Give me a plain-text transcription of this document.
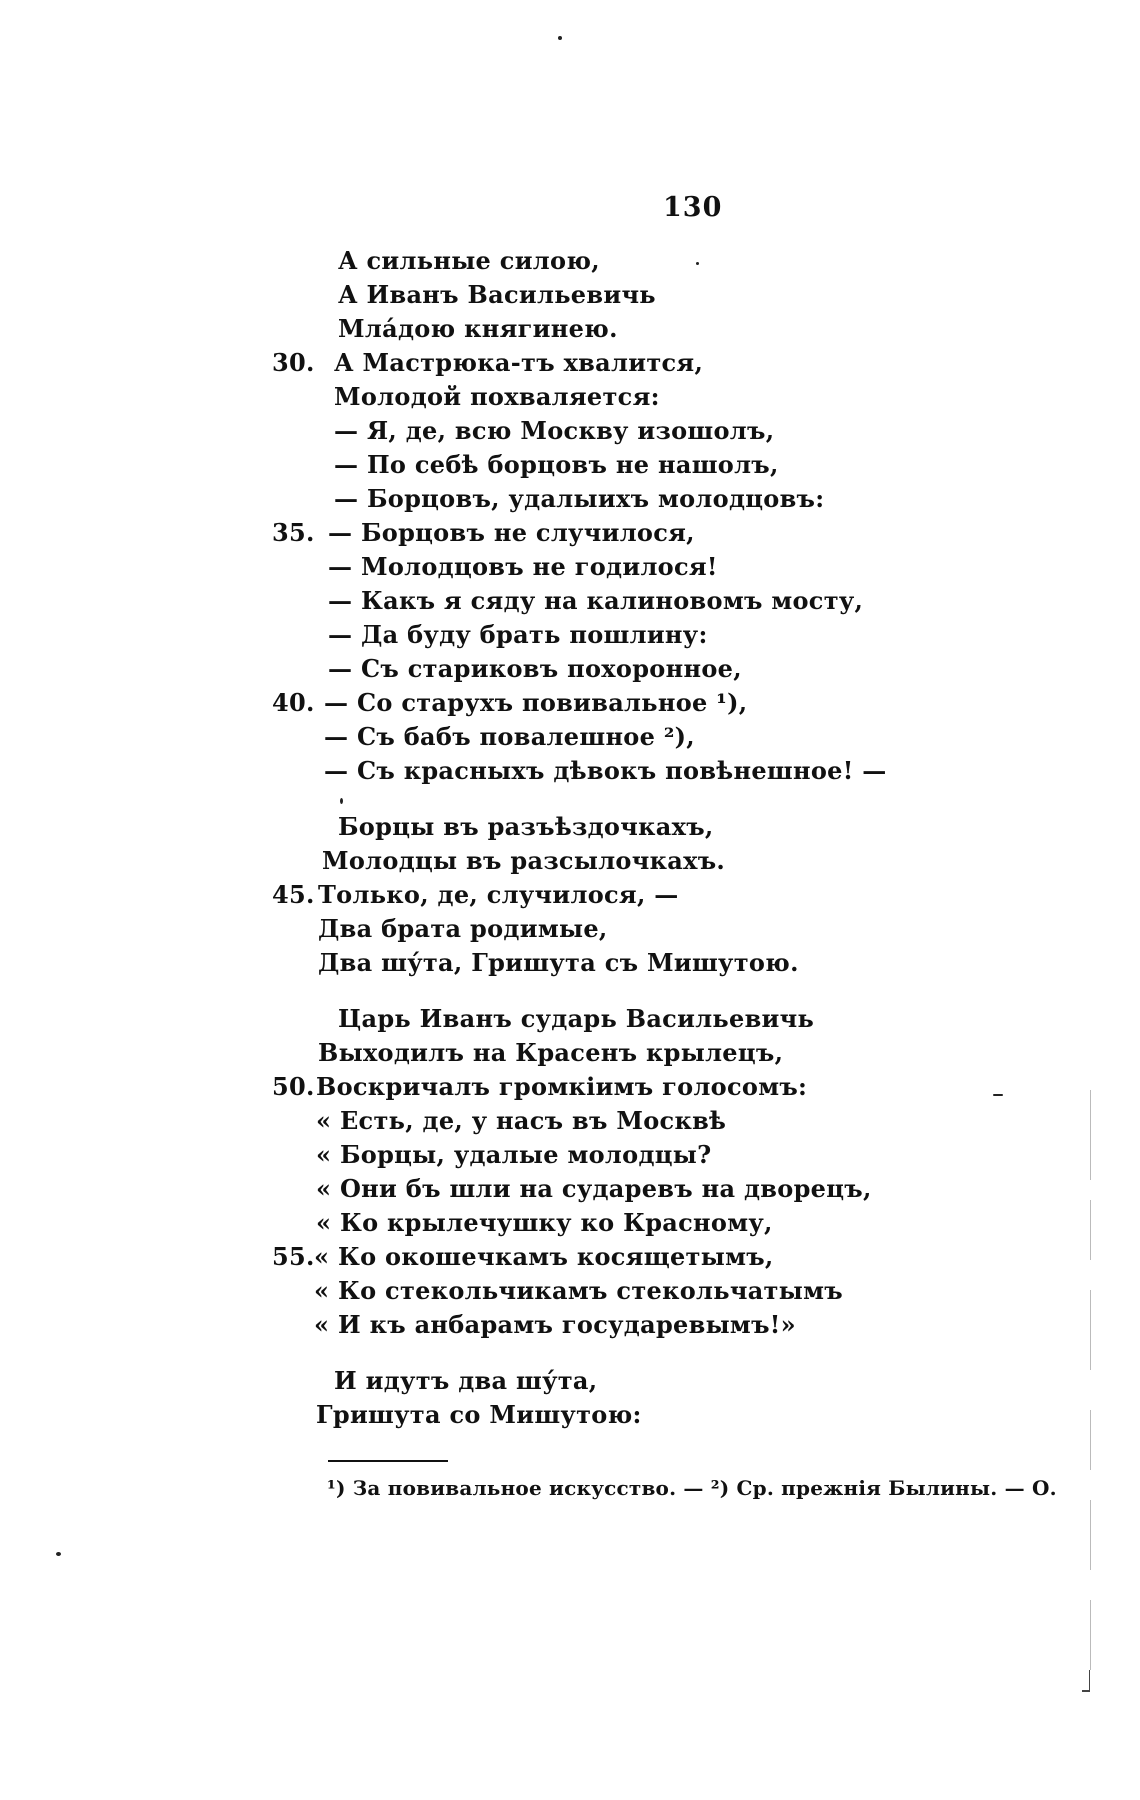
130
А сильные силою,
А Иванъ Васильевичь
Мла́дою княгинею.
30. А Мастрюка-тъ хвалится,
Молодой похваляется:
— Я, де, всю Москву изошолъ,
— По себѣ борцовъ не нашолъ,
— Борцовъ, удалыихъ молодцовъ:
35. — Борцовъ не случилося,
— Молодцовъ не годилося!
— Какъ я сяду на калиновомъ мосту,
— Да буду брать пошлину:
— Съ стариковъ похоронное,
40. — Со старухъ повивальное ¹),
— Съ бабъ повалешное ²),
— Съ красныхъ дѣвокъ повѣнешное! —
Борцы въ разъѣздочкахъ,
Молодцы въ разсылочкахъ.
45. Только, де, случилося, —
Два брата родимые,
Два шу́та, Гришута съ Мишутою.
Царь Иванъ сударь Васильевичь
Выходилъ на Красенъ крылецъ,
50. Воскричалъ громкіимъ голосомъ:
« Есть, де, у насъ въ Москвѣ
« Борцы, удалые молодцы?
« Они бъ шли на сударевъ на дворецъ,
« Ко крылечушку ко Красному,
55. « Ко окошечкамъ косящетымъ,
« Ко стекольчикамъ стекольчатымъ
« И къ анбарамъ государевымъ!»
И идутъ два шу́та,
Гришута со Мишутою:
¹) За повивальное искусство. — ²) Ср. прежнія Былины. — О.
